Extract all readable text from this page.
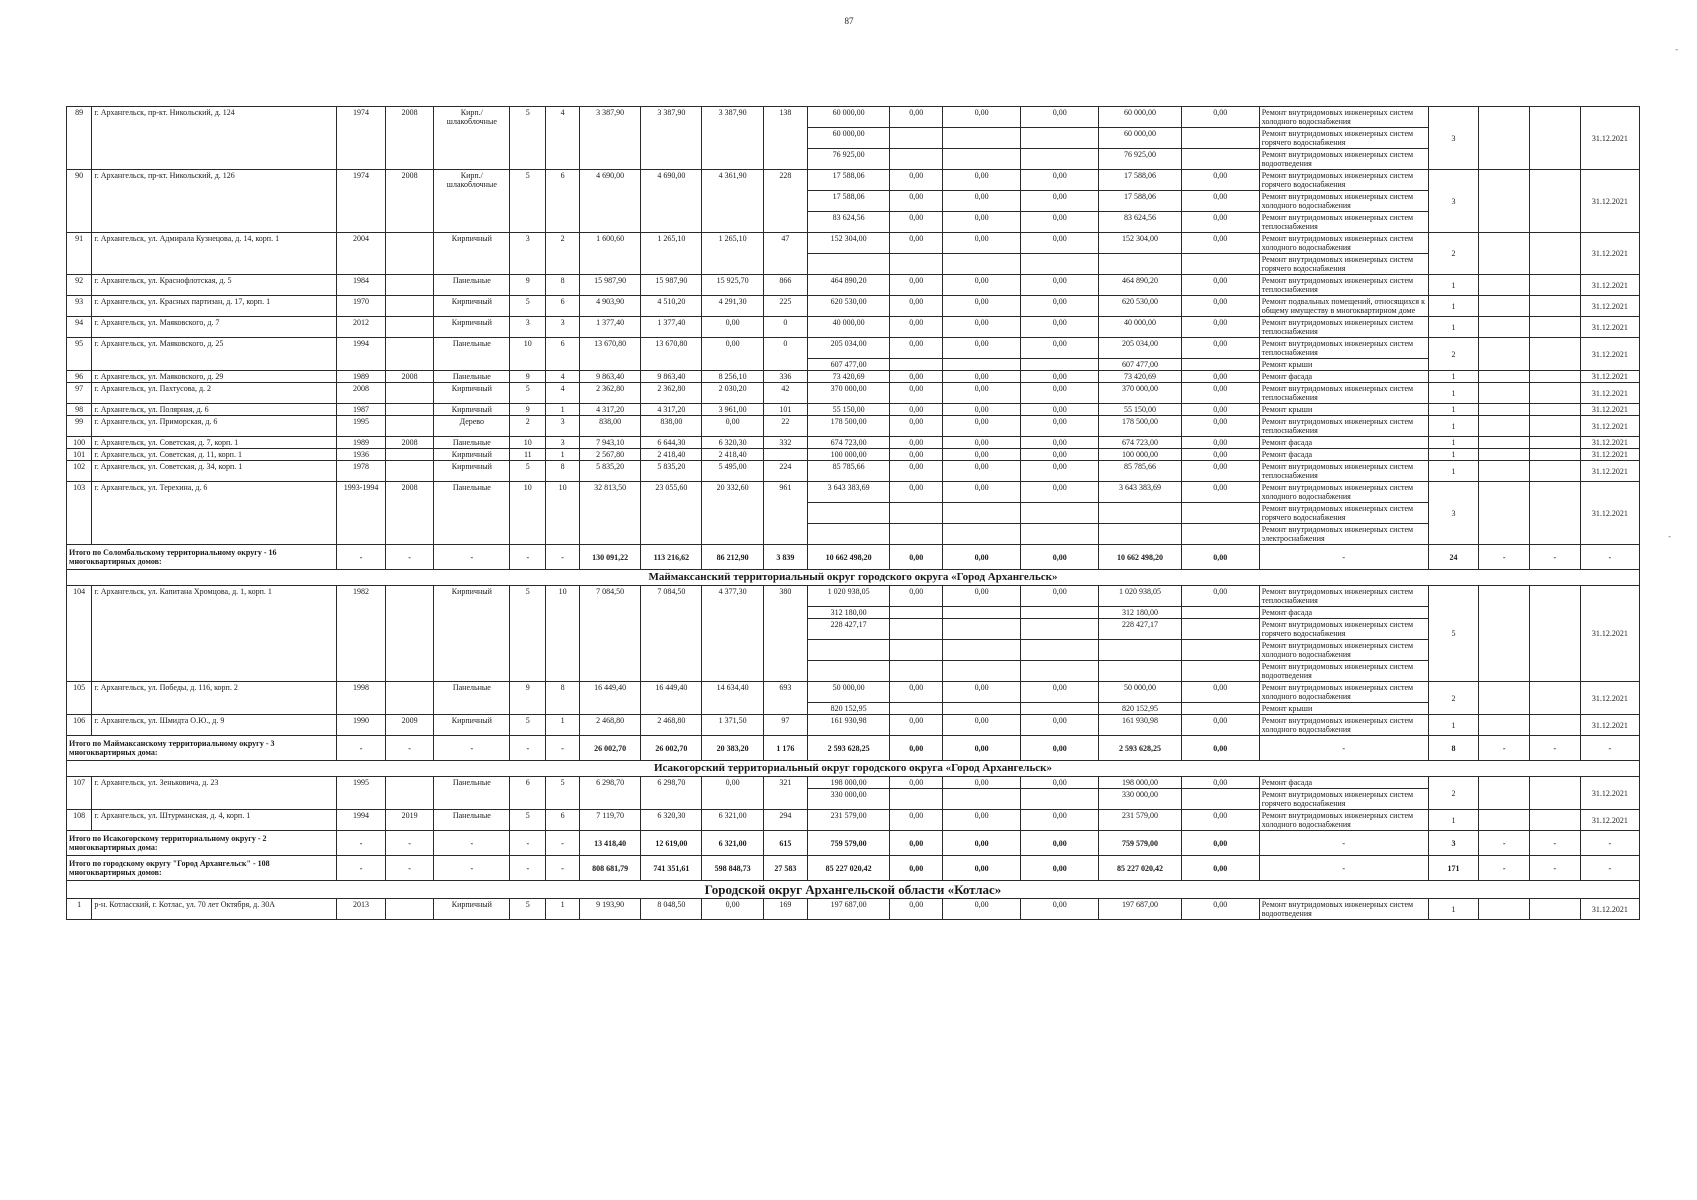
87
89	г. Архангельск, пр-кт. Никольский, д. 124	1974	2008	Кирп./ шлакоблочные	5	4	3 387,90	3 387,90	3 387,90	138	60 000,00	0,00	0,00	0,00	60 000,00	0,00	Ремонт внутридомовых инженерных систем холодного водоснабжения	3			31.12.2021
											60 000,00				60 000,00		Ремонт внутридомовых инженерных систем горячего водоснабжения				
											76 925,00				76 925,00		Ремонт внутридомовых инженерных систем водоотведения				
90	г. Архангельск, пр-кт. Никольский, д. 126	1974	2008	Кирп./ шлакоблочные	5	6	4 690,00	4 690,00	4 361,90	228	17 588,06	0,00	0,00	0,00	17 588,06	0,00	Ремонт внутридомовых инженерных систем горячего водоснабжения	3			31.12.2021
											17 588,06	0,00	0,00	0,00	17 588,06	0,00	Ремонт внутридомовых инженерных систем холодного водоснабжения				
											83 624,56	0,00	0,00	0,00	83 624,56	0,00	Ремонт внутридомовых инженерных систем теплоснабжения				
91	г. Архангельск, ул. Адмирала Кузнецова, д. 14, корп. 1	2004		Кирпичный	3	2	1 600,60	1 265,10	1 265,10	47	152 304,00	0,00	0,00	0,00	152 304,00	0,00	Ремонт внутридомовых инженерных систем холодного водоснабжения	2			31.12.2021
																	Ремонт внутридомовых инженерных систем горячего водоснабжения				
92	г. Архангельск, ул. Краснофлотская, д. 5	1984		Панельные	9	8	15 987,90	15 987,90	15 925,70	866	464 890,20	0,00	0,00	0,00	464 890,20	0,00	Ремонт внутридомовых инженерных систем теплоснабжения	1			31.12.2021
93	г. Архангельск, ул. Красных партизан, д. 17, корп. 1	1970		Кирпичный	5	6	4 903,90	4 510,20	4 291,30	225	620 530,00	0,00	0,00	0,00	620 530,00	0,00	Ремонт подвальных помещений, относящихся к общему имуществу в многоквартирном доме	1			31.12.2021
94	г. Архангельск, ул. Маяковского, д. 7	2012		Кирпичный	3	3	1 377,40	1 377,40	0,00	0	40 000,00	0,00	0,00	0,00	40 000,00	0,00	Ремонт внутридомовых инженерных систем теплоснабжения	1			31.12.2021
95	г. Архангельск, ул. Маяковского, д. 25	1994		Панельные	10	6	13 670,80	13 670,80	0,00	0	205 034,00	0,00	0,00	0,00	205 034,00	0,00	Ремонт внутридомовых инженерных систем теплоснабжения	2			31.12.2021
											607 477,00				607 477,00		Ремонт крыши				
96	г. Архангельск, ул. Маяковского, д. 29	1989	2008	Панельные	9	4	9 863,40	9 863,40	8 256,10	336	73 420,69	0,00	0,00	0,00	73 420,69	0,00	Ремонт фасада	1			31.12.2021
97	г. Архангельск, ул. Пахтусова, д. 2	2008		Кирпичный	5	4	2 362,80	2 362,80	2 030,20	42	370 000,00	0,00	0,00	0,00	370 000,00	0,00	Ремонт внутридомовых инженерных систем теплоснабжения	1			31.12.2021
98	г. Архангельск, ул. Полярная, д. 6	1987		Кирпичный	9	1	4 317,20	4 317,20	3 961,00	101	55 150,00	0,00	0,00	0,00	55 150,00	0,00	Ремонт крыши	1			31.12.2021
99	г. Архангельск, ул. Приморская, д. 6	1995		Дерево	2	3	838,00	838,00	0,00	22	178 500,00	0,00	0,00	0,00	178 500,00	0,00	Ремонт внутридомовых инженерных систем теплоснабжения	1			31.12.2021
100	г. Архангельск, ул. Советская, д. 7, корп. 1	1989	2008	Панельные	10	3	7 943,10	6 644,30	6 320,30	332	674 723,00	0,00	0,00	0,00	674 723,00	0,00	Ремонт фасада	1			31.12.2021
101	г. Архангельск, ул. Советская, д. 11, корп. 1	1936		Кирпичный	11	1	2 567,80	2 418,40	2 418,40		100 000,00	0,00	0,00	0,00	100 000,00	0,00	Ремонт фасада	1			31.12.2021
102	г. Архангельск, ул. Советская, д. 34, корп. 1	1978		Кирпичный	5	8	5 835,20	5 835,20	5 495,00	224	85 785,66	0,00	0,00	0,00	85 785,66	0,00	Ремонт внутридомовых инженерных систем теплоснабжения	1			31.12.2021
103	г. Архангельск, ул. Терехина, д. 6	1993-1994	2008	Панельные	10	10	32 813,50	23 055,60	20 332,60	961	3 643 383,69	0,00	0,00	0,00	3 643 383,69	0,00	Ремонт внутридомовых инженерных систем холодного водоснабжения	3			31.12.2021
																	Ремонт внутридомовых инженерных систем горячего водоснабжения				
																	Ремонт внутридомовых инженерных систем электроснабжения				
Итого по Соломбальскому территориальному округу - 16 многоквартирных домов:		-	-	-	-	-	130 091,22	113 216,62	86 212,90	3 839	10 662 498,20	0,00	0,00	0,00	10 662 498,20	0,00	-	24	-	-	-
Маймаксанский территориальный округ городского округа «Город Архангельск»																					
104	г. Архангельск, ул. Капитана Хромцова, д. 1, корп. 1	1982		Кирпичный	5	10	7 084,50	7 084,50	4 377,30	380	1 020 938,05	0,00	0,00	0,00	1 020 938,05	0,00	Ремонт внутридомовых инженерных систем теплоснабжения	5			31.12.2021
											312 180,00				312 180,00		Ремонт фасада				
											228 427,17				228 427,17		Ремонт внутридомовых инженерных систем горячего водоснабжения				
																	Ремонт внутридомовых инженерных систем холодного водоснабжения				
																	Ремонт внутридомовых инженерных систем водоотведения				
105	г. Архангельск, ул. Победы, д. 116, корп. 2	1998		Панельные	9	8	16 449,40	16 449,40	14 634,40	693	50 000,00	0,00	0,00	0,00	50 000,00	0,00	Ремонт внутридомовых инженерных систем холодного водоснабжения	2			31.12.2021
											820 152,95				820 152,95		Ремонт крыши				
106	г. Архангельск, ул. Шмидта О.Ю., д. 9	1990	2009	Кирпичный	5	1	2 468,80	2 468,80	1 371,50	97	161 930,98	0,00	0,00	0,00	161 930,98	0,00	Ремонт внутридомовых инженерных систем холодного водоснабжения	1			31.12.2021
Итого по Маймаксанскому территориальному округу - 3 многоквартирных дома:		-	-	-	-	-	26 002,70	26 002,70	20 383,20	1 176	2 593 628,25	0,00	0,00	0,00	2 593 628,25	0,00	-	8	-	-	-
Исакогорский территориальный округ городского округа «Город Архангельск»																					
107	г. Архангельск, ул. Зеньковича, д. 23	1995		Панельные	6	5	6 298,70	6 298,70	0,00	321	198 000,00	0,00	0,00	0,00	198 000,00	0,00	Ремонт фасада	2			31.12.2021
											330 000,00				330 000,00		Ремонт внутридомовых инженерных систем горячего водоснабжения				
108	г. Архангельск, ул. Штурманская, д. 4, корп. 1	1994	2019	Панельные	5	6	7 119,70	6 320,30	6 321,00	294	231 579,00	0,00	0,00	0,00	231 579,00	0,00	Ремонт внутридомовых инженерных систем холодного водоснабжения	1			31.12.2021
Итого по Исакогорскому территориальному округу - 2 многоквартирных дома:		-	-	-	-	-	13 418,40	12 619,00	6 321,00	615	759 579,00	0,00	0,00	0,00	759 579,00	0,00	-	3	-	-	-
Итого по городскому округу "Город Архангельск" - 108 многоквартирных домов:		-	-	-	-	-	808 681,79	741 351,61	598 848,73	27 583	85 227 020,42	0,00	0,00	0,00	85 227 020,42	0,00	-	171	-	-	-
Городской округ Архангельской области «Котлас»																					
1	р-н. Котласский, г. Котлас, ул. 70 лет Октября, д. 30А	2013		Кирпичный	5	1	9 193,90	8 048,50	0,00	169	197 687,00	0,00	0,00	0,00	197 687,00	0,00	Ремонт внутридомовых инженерных систем водоотведения	1			31.12.2021
-
-
